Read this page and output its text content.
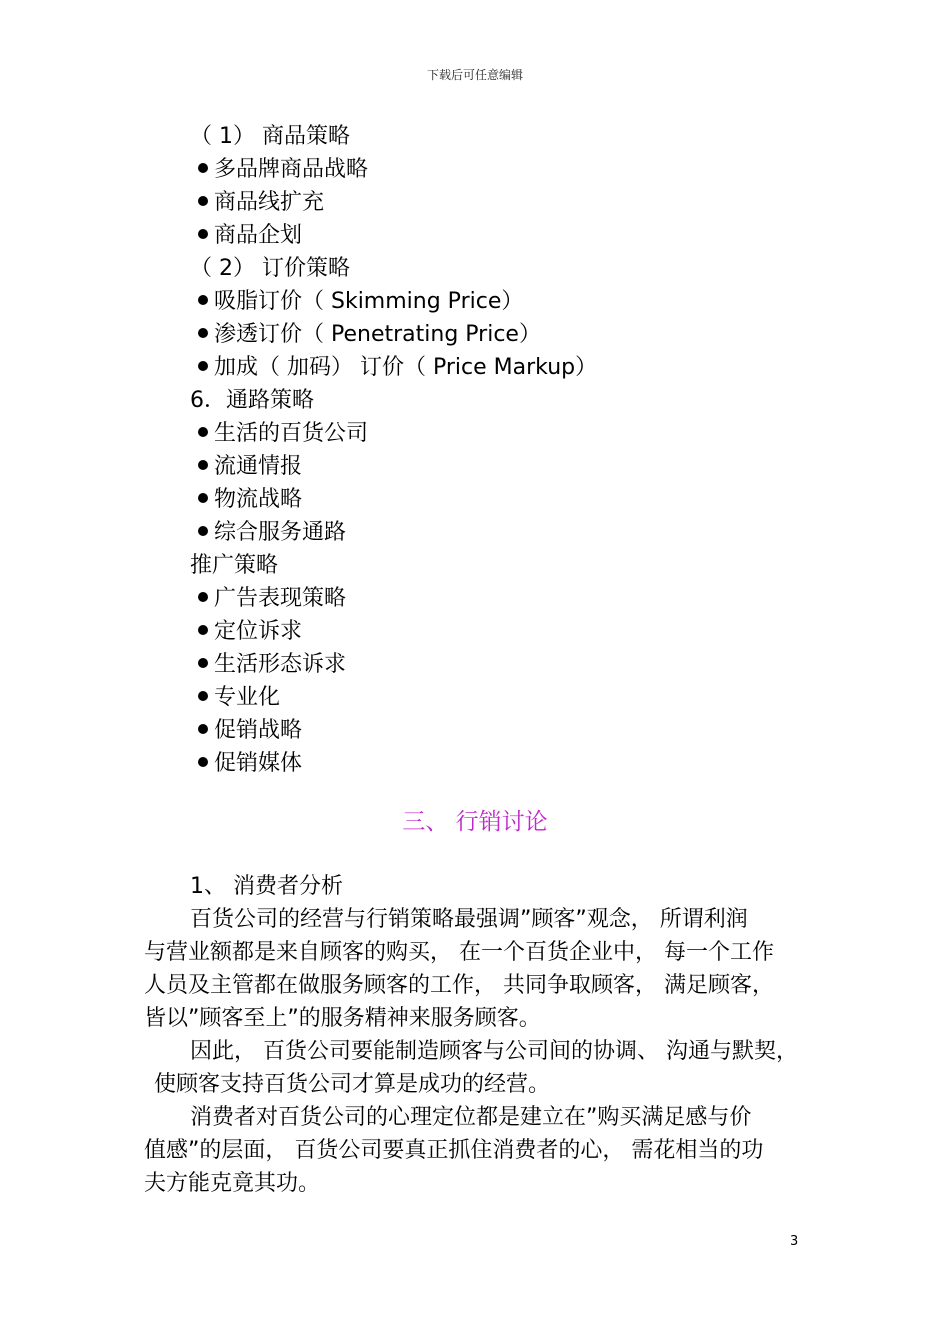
下载后可任意编辑
（ 1） 商品策略
多品牌商品战略
商品线扩充
商品企划
（ 2） 订价策略
吸脂订价（ Skimming Price）
渗透订价（ Penetrating Price）
加成（ 加码） 订价（ Price Markup）
6．通路策略
生活的百货公司
流通情报
物流战略
综合服务通路
推广策略
广告表现策略
定位诉求
生活形态诉求
专业化
促销战略
促销媒体
三、 行销讨论
1、 消费者分析
百货公司的经营与行销策略最强调”顾客”观念， 所谓利润
与营业额都是来自顾客的购买， 在一个百货企业中， 每一个工作
人员及主管都在做服务顾客的工作， 共同争取顾客， 满足顾客，
皆以”顾客至上”的服务精神来服务顾客。
因此， 百货公司要能制造顾客与公司间的协调、 沟通与默契，
使顾客支持百货公司才算是成功的经营。
消费者对百货公司的心理定位都是建立在”购买满足感与价
值感”的层面， 百货公司要真正抓住消费者的心， 需花相当的功
夫方能克竟其功。
3
